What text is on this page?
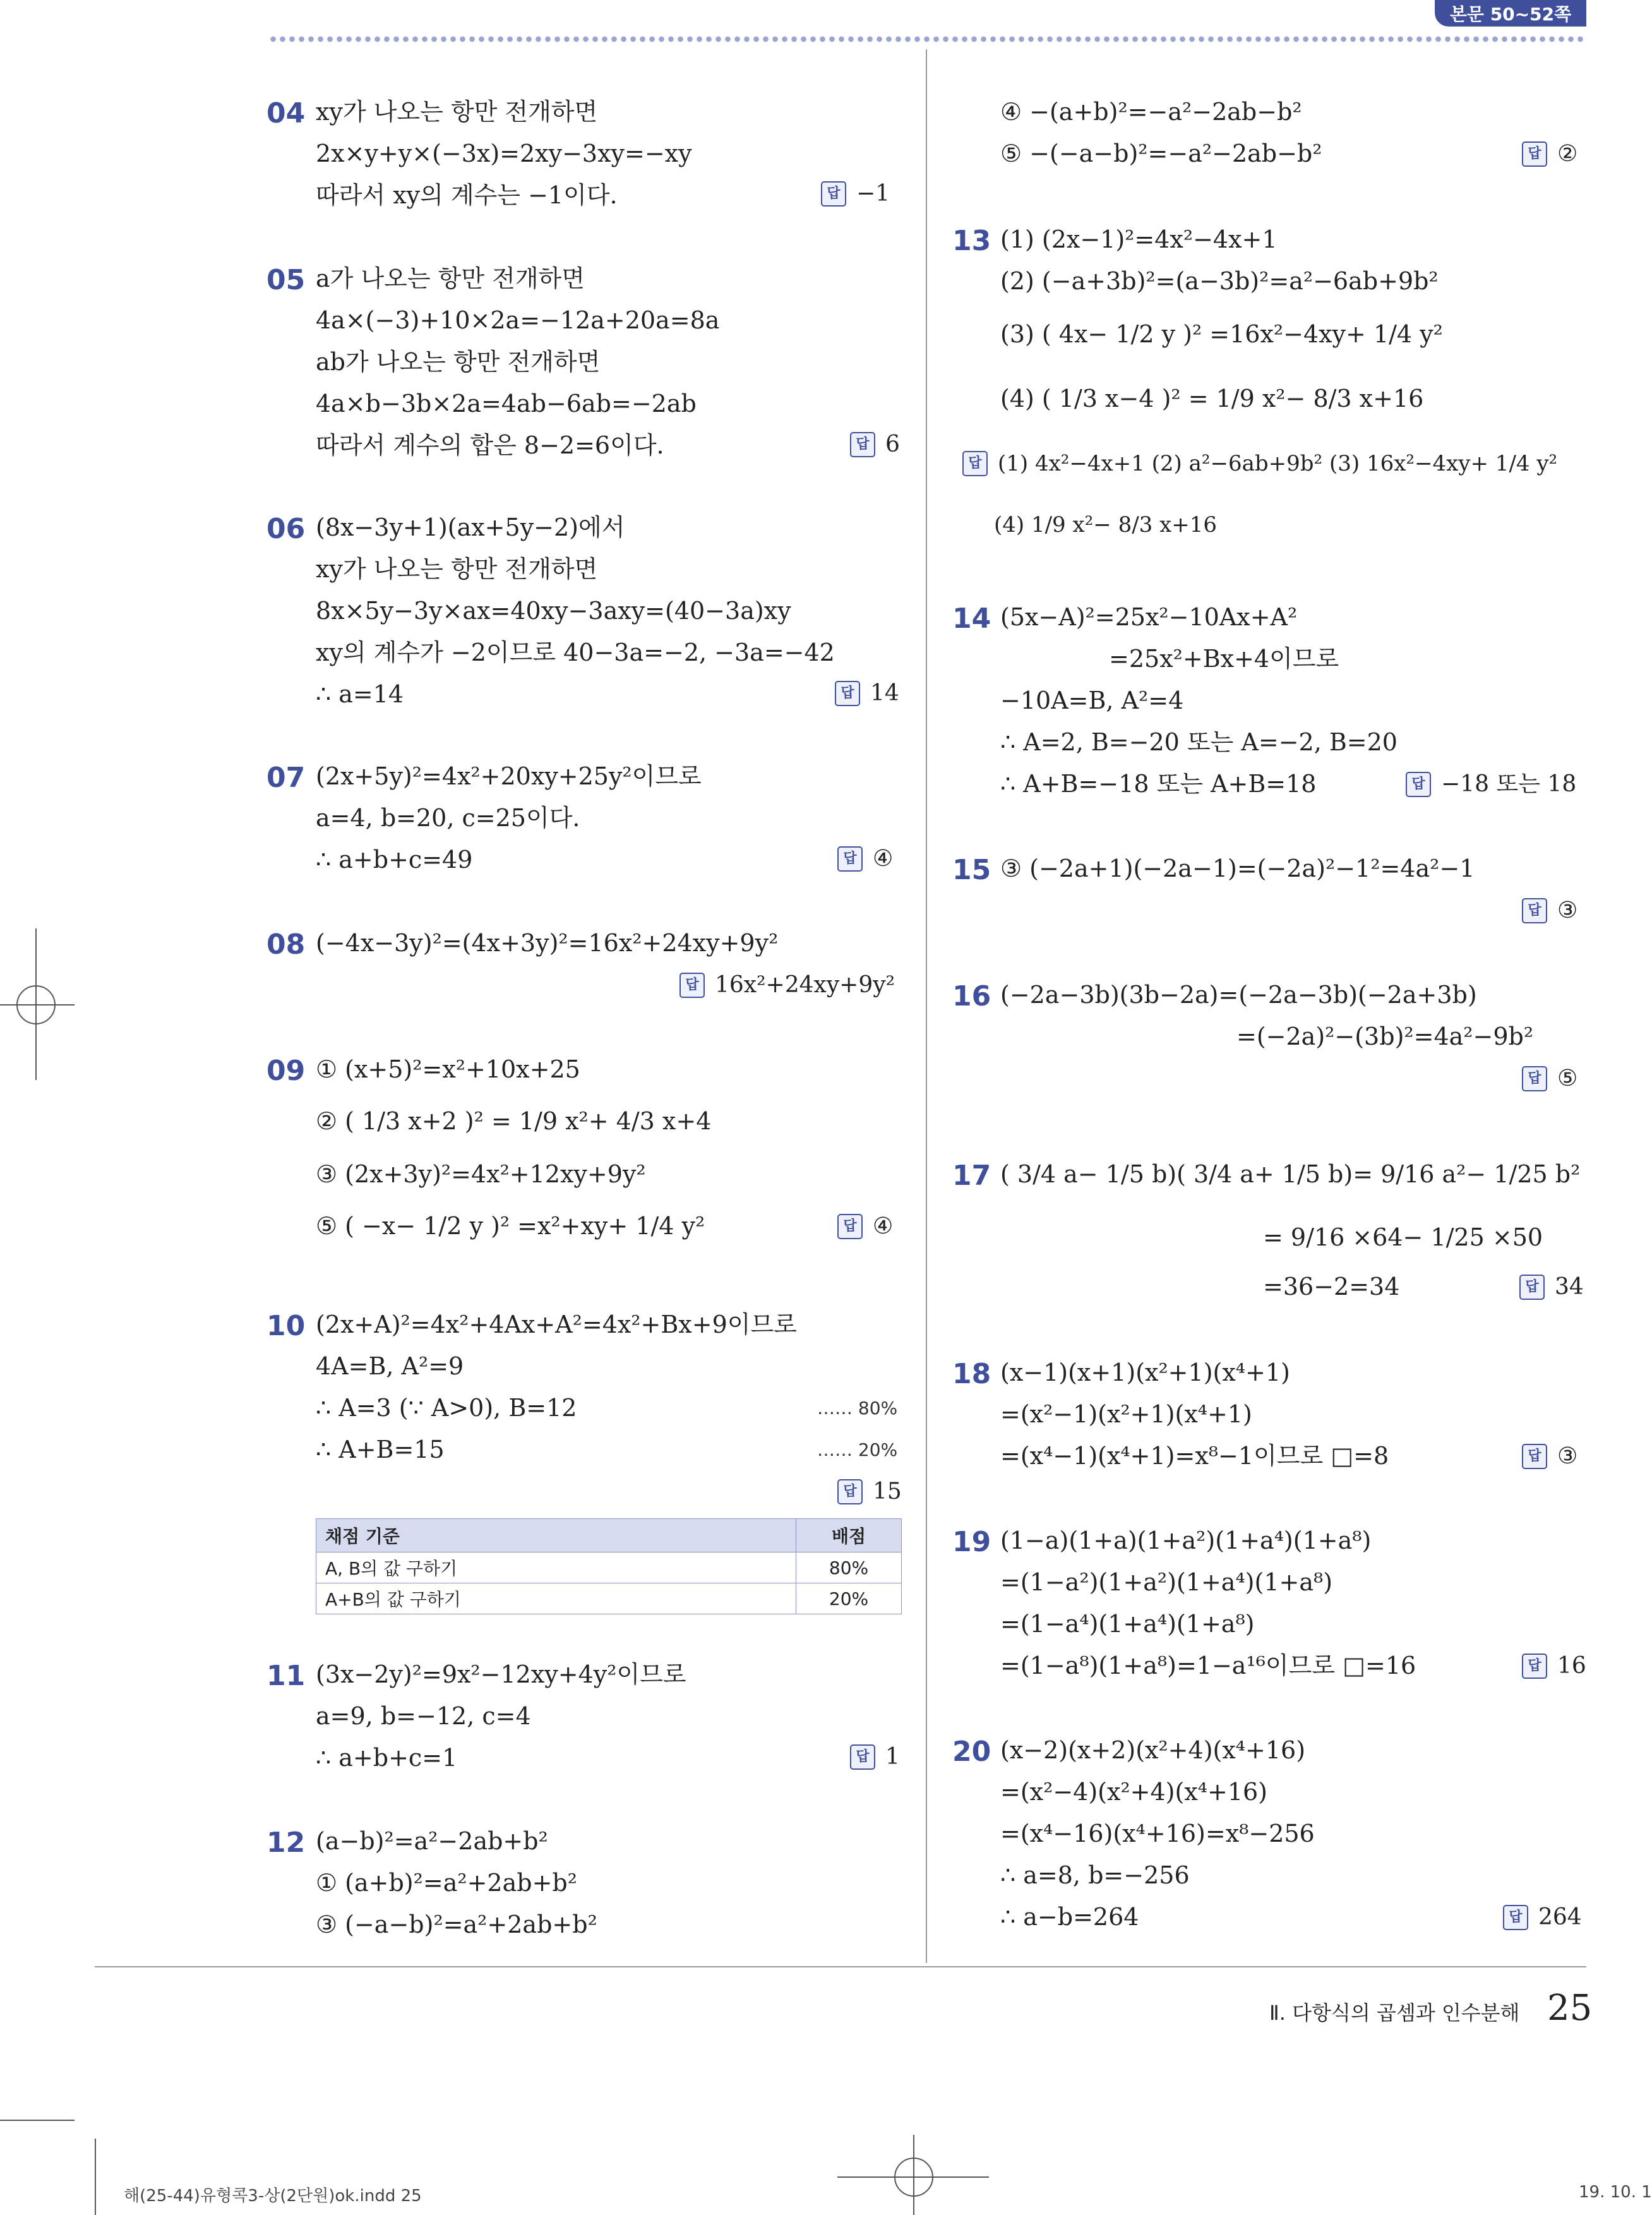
본문 50~52쪽
04 xy가 나오는 항만 전개하면
2x×y+y×(−3x)=2xy−3xy=−xy
따라서 xy의 계수는 −1이다.	답 −1
05 a가 나오는 항만 전개하면
4a×(−3)+10×2a=−12a+20a=8a
ab가 나오는 항만 전개하면
4a×b−3b×2a=4ab−6ab=−2ab
따라서 계수의 합은 8−2=6이다.	답 6
06 (8x−3y+1)(ax+5y−2)에서
xy가 나오는 항만 전개하면
8x×5y−3y×ax=40xy−3axy=(40−3a)xy
xy의 계수가 −2이므로 40−3a=−2, −3a=−42
∴ a=14	답 14
07 (2x+5y)²=4x²+20xy+25y²이므로
a=4, b=20, c=25이다.
∴ a+b+c=49	답 ④
08 (−4x−3y)²=(4x+3y)²=16x²+24xy+9y²
답 16x²+24xy+9y²
09 ① (x+5)²=x²+10x+25
② ( 1/3 x+2 )² = 1/9 x²+ 4/3 x+4
③ (2x+3y)²=4x²+12xy+9y²
⑤ ( −x− 1/2 y )² =x²+xy+ 1/4 y²	답 ④
10 (2x+A)²=4x²+4Ax+A²=4x²+Bx+9이므로
4A=B, A²=9
∴ A=3 (∵ A>0), B=12
∴ A+B=15
…… 80%
…… 20%
답 15
채점 기준	배점
A, B의 값 구하기	80%
A+B의 값 구하기	20%
11 (3x−2y)²=9x²−12xy+4y²이므로
a=9, b=−12, c=4
∴ a+b+c=1	답 1
12 (a−b)²=a²−2ab+b²
① (a+b)²=a²+2ab+b²
③ (−a−b)²=a²+2ab+b²
④ −(a+b)²=−a²−2ab−b²
⑤ −(−a−b)²=−a²−2ab−b²	답 ②
13 (1) (2x−1)²=4x²−4x+1
(2) (−a+3b)²=(a−3b)²=a²−6ab+9b²
(3) ( 4x− 1/2 y )² =16x²−4xy+ 1/4 y²
(4) ( 1/3 x−4 )² = 1/9 x²− 8/3 x+16
답 (1) 4x²−4x+1 (2) a²−6ab+9b² (3) 16x²−4xy+ 1/4 y²
(4) 1/9 x²− 8/3 x+16
14 (5x−A)²=25x²−10Ax+A²
=25x²+Bx+4이므로
−10A=B, A²=4
∴ A=2, B=−20 또는 A=−2, B=20
∴ A+B=−18 또는 A+B=18	답 −18 또는 18
15 ③ (−2a+1)(−2a−1)=(−2a)²−1²=4a²−1
답 ③
16 (−2a−3b)(3b−2a)=(−2a−3b)(−2a+3b)
=(−2a)²−(3b)²=4a²−9b²
답 ⑤
17 ( 3/4 a− 1/5 b)( 3/4 a+ 1/5 b)= 9/16 a²− 1/25 b²
= 9/16 ×64− 1/25 ×50
=36−2=34	답 34
18 (x−1)(x+1)(x²+1)(x⁴+1)
=(x²−1)(x²+1)(x⁴+1)
=(x⁴−1)(x⁴+1)=x⁸−1이므로 □=8	답 ③
19 (1−a)(1+a)(1+a²)(1+a⁴)(1+a⁸)
=(1−a²)(1+a²)(1+a⁴)(1+a⁸)
=(1−a⁴)(1+a⁴)(1+a⁸)
=(1−a⁸)(1+a⁸)=1−a¹⁶이므로 □=16	답 16
20 (x−2)(x+2)(x²+4)(x⁴+16)
=(x²−4)(x²+4)(x⁴+16)
=(x⁴−16)(x⁴+16)=x⁸−256
∴ a=8, b=−256
∴ a−b=264	답 264
Ⅱ. 다항식의 곱셈과 인수분해 25
해(25-44)유형콕3-상(2단원)ok.indd 25	19. 10. 1
